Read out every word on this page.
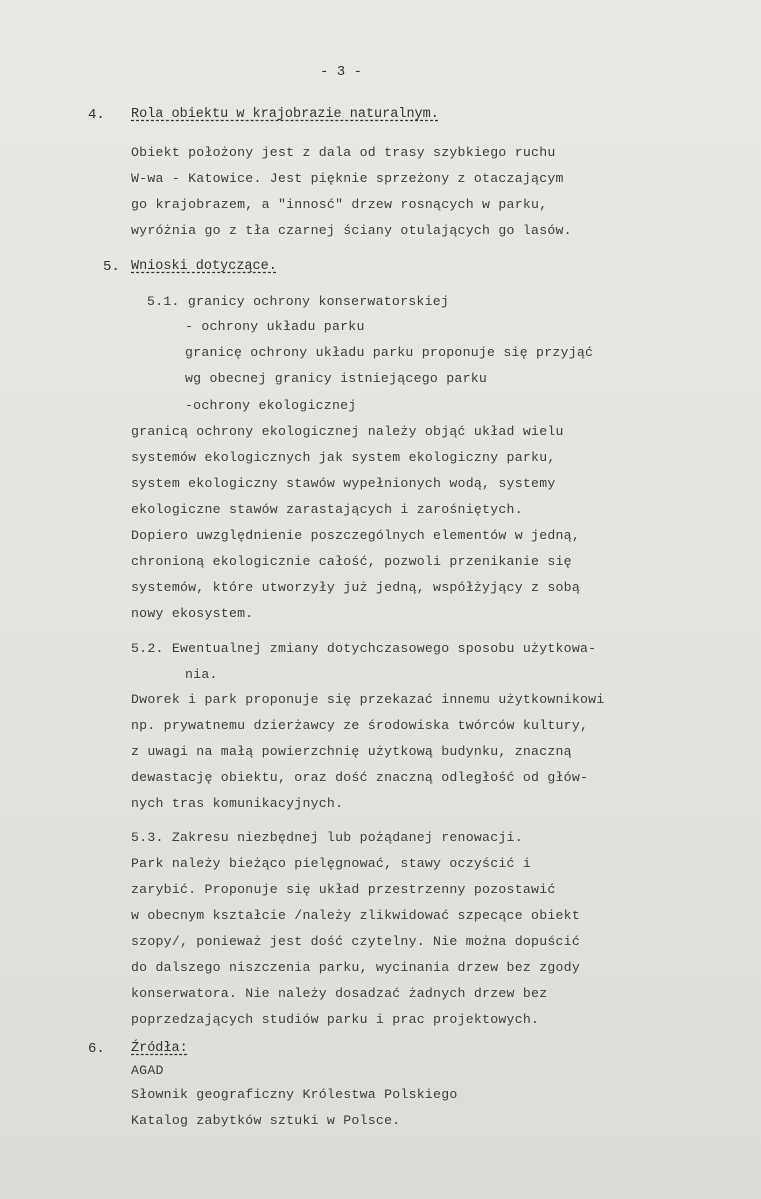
- 3 -
4. Rola obiektu w krajobrazie naturalnym.
Obiekt położony jest z dala od trasy szybkiego ruchu
W-wa - Katowice. Jest pięknie sprzeżony z otaczającym
go krajobrazem, a "innosć" drzew rosnących w parku,
wyróżnia go z tła czarnej ściany otulających go lasów.
5. Wnioski dotyczące.
5.1. granicy ochrony konserwatorskiej
- ochrony układu parku
granicę ochrony układu parku proponuje się przyjąć
wg obecnej granicy istniejącego parku
-ochrony ekologicznej
granicą ochrony ekologicznej należy objąć układ wielu
systemów ekologicznych jak system ekologiczny parku,
system ekologiczny stawów wypełnionych wodą, systemy
ekologiczne stawów zarastających i zarośniętych.
Dopiero uwzględnienie poszczególnych elementów w jedną,
chronioną ekologicznie całość, pozwoli przenikanie się
systemów, które utworzyły już jedną, współżyjący z sobą
nowy ekosystem.
5.2. Ewentualnej zmiany dotychczasowego sposobu użytkowa-
nia.
Dworek i park proponuje się przekazać innemu użytkownikowi
np. prywatnemu dzierżawcy ze środowiska twórców kultury,
z uwagi na małą powierzchnię użytkową budynku, znaczną
dewastację obiektu, oraz dość znaczną odległość od głów-
nych tras komunikacyjnych.
5.3. Zakresu niezbędnej lub pożądanej renowacji.
Park należy bieżąco pielęgnować, stawy oczyścić i
zarybić. Proponuje się układ przestrzenny pozostawić
w obecnym kształcie /należy zlikwidować szpecące obiekt
szopy/, ponieważ jest dość czytelny. Nie można dopuścić
do dalszego niszczenia parku, wycinania drzew bez zgody
konserwatora. Nie należy dosadzać żadnych drzew bez
poprzedzających studiów parku i prac projektowych.
6. Źródła:
AGAD
Słownik geograficzny Królestwa Polskiego
Katalog zabytków sztuki w Polsce.
